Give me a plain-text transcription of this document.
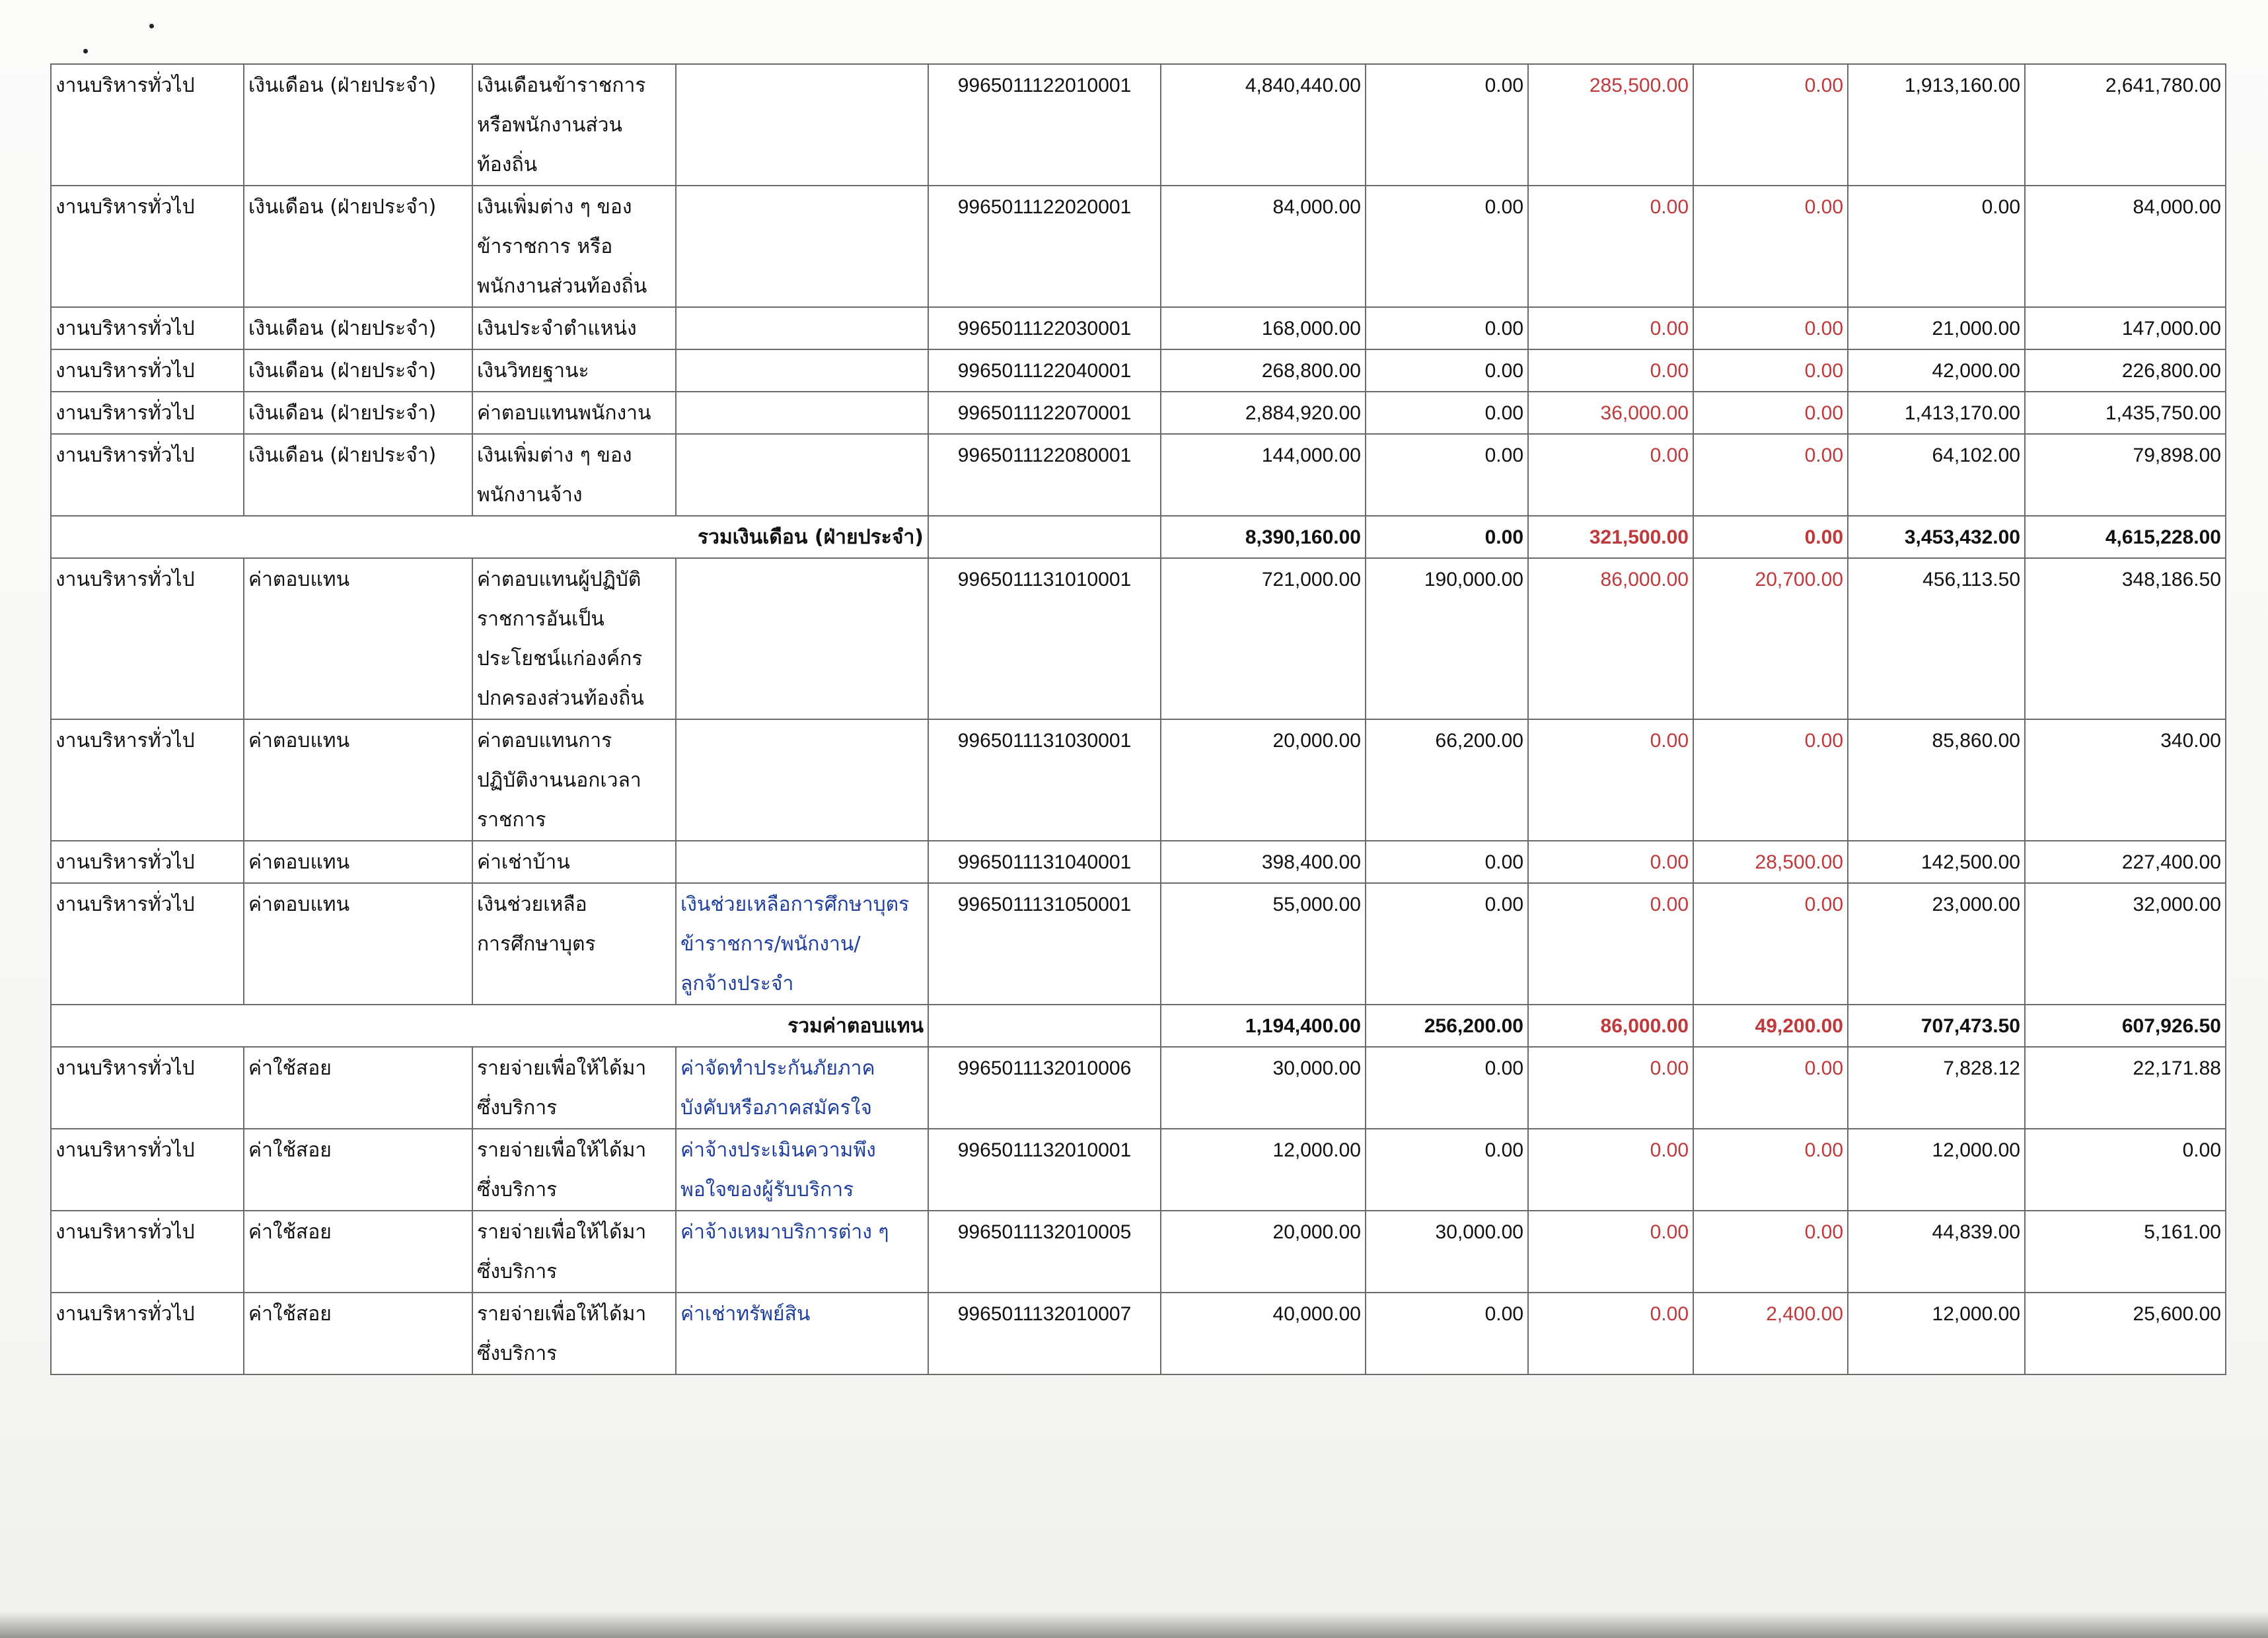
งานบริหารทั่วไป	เงินเดือน (ฝ่ายประจำ)	เงินเดือนข้าราชการ
หรือพนักงานส่วน
ท้องถิ่น		9965011122010001	4,840,440.00	0.00	285,500.00	0.00	1,913,160.00	2,641,780.00
งานบริหารทั่วไป	เงินเดือน (ฝ่ายประจำ)	เงินเพิ่มต่าง ๆ ของ
ข้าราชการ หรือ
พนักงานส่วนท้องถิ่น		9965011122020001	84,000.00	0.00	0.00	0.00	0.00	84,000.00
งานบริหารทั่วไป	เงินเดือน (ฝ่ายประจำ)	เงินประจำตำแหน่ง		9965011122030001	168,000.00	0.00	0.00	0.00	21,000.00	147,000.00
งานบริหารทั่วไป	เงินเดือน (ฝ่ายประจำ)	เงินวิทยฐานะ		9965011122040001	268,800.00	0.00	0.00	0.00	42,000.00	226,800.00
งานบริหารทั่วไป	เงินเดือน (ฝ่ายประจำ)	ค่าตอบแทนพนักงาน		9965011122070001	2,884,920.00	0.00	36,000.00	0.00	1,413,170.00	1,435,750.00
งานบริหารทั่วไป	เงินเดือน (ฝ่ายประจำ)	เงินเพิ่มต่าง ๆ ของ
พนักงานจ้าง		9965011122080001	144,000.00	0.00	0.00	0.00	64,102.00	79,898.00
รวมเงินเดือน (ฝ่ายประจำ)					8,390,160.00	0.00	321,500.00	0.00	3,453,432.00	4,615,228.00
งานบริหารทั่วไป	ค่าตอบแทน	ค่าตอบแทนผู้ปฏิบัติ
ราชการอันเป็น
ประโยชน์แก่องค์กร
ปกครองส่วนท้องถิ่น		9965011131010001	721,000.00	190,000.00	86,000.00	20,700.00	456,113.50	348,186.50
งานบริหารทั่วไป	ค่าตอบแทน	ค่าตอบแทนการ
ปฏิบัติงานนอกเวลา
ราชการ		9965011131030001	20,000.00	66,200.00	0.00	0.00	85,860.00	340.00
งานบริหารทั่วไป	ค่าตอบแทน	ค่าเช่าบ้าน		9965011131040001	398,400.00	0.00	0.00	28,500.00	142,500.00	227,400.00
งานบริหารทั่วไป	ค่าตอบแทน	เงินช่วยเหลือ
การศึกษาบุตร	เงินช่วยเหลือการศึกษาบุตร
ข้าราชการ/พนักงาน/
ลูกจ้างประจำ	9965011131050001	55,000.00	0.00	0.00	0.00	23,000.00	32,000.00
รวมค่าตอบแทน					1,194,400.00	256,200.00	86,000.00	49,200.00	707,473.50	607,926.50
งานบริหารทั่วไป	ค่าใช้สอย	รายจ่ายเพื่อให้ได้มา
ซึ่งบริการ	ค่าจัดทำประกันภัยภาค
บังคับหรือภาคสมัครใจ	9965011132010006	30,000.00	0.00	0.00	0.00	7,828.12	22,171.88
งานบริหารทั่วไป	ค่าใช้สอย	รายจ่ายเพื่อให้ได้มา
ซึ่งบริการ	ค่าจ้างประเมินความพึง
พอใจของผู้รับบริการ	9965011132010001	12,000.00	0.00	0.00	0.00	12,000.00	0.00
งานบริหารทั่วไป	ค่าใช้สอย	รายจ่ายเพื่อให้ได้มา
ซึ่งบริการ	ค่าจ้างเหมาบริการต่าง ๆ	9965011132010005	20,000.00	30,000.00	0.00	0.00	44,839.00	5,161.00
งานบริหารทั่วไป	ค่าใช้สอย	รายจ่ายเพื่อให้ได้มา
ซึ่งบริการ	ค่าเช่าทรัพย์สิน	9965011132010007	40,000.00	0.00	0.00	2,400.00	12,000.00	25,600.00
